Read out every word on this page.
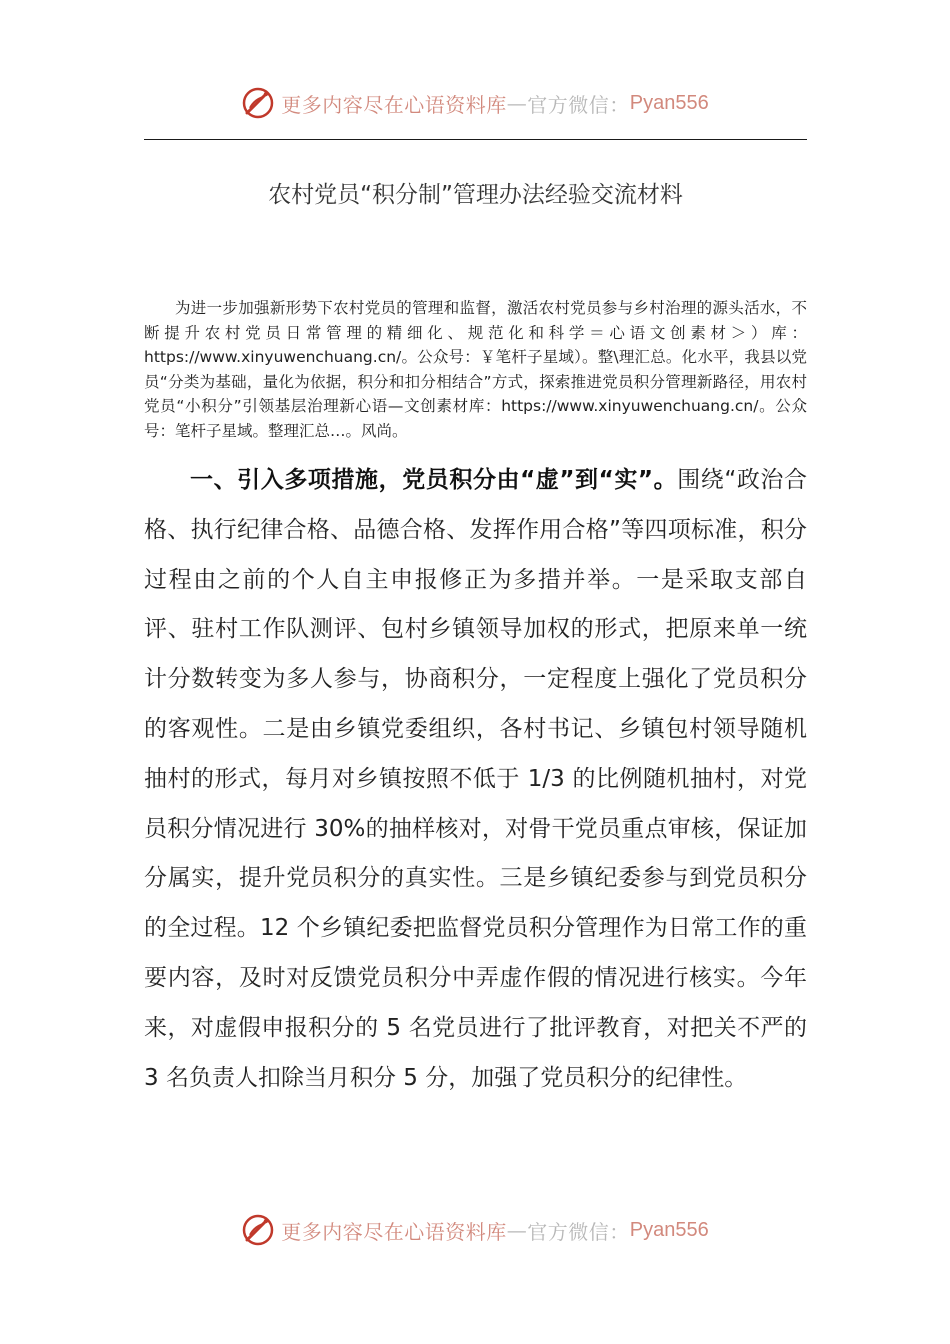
更多内容尽在心语资料库 — 官方微信： Pyan556
农村党员“积分制”管理办法经验交流材料

为进一步加强新形势下农村党员的管理和监督，激活农村党员参与乡村治理的源头活水，不断提升农村党员日常管理的精细化、规范化和科学＝心语文创素材＞）库：https://www.xinyuwenchuang.cn/。公众号：￥笔杆子星域）。整\理汇总。化水平，我县以党员“分类为基础，量化为依据，积分和扣分相结合”方式，探索推进党员积分管理新路径，用农村党员“小积分”引领基层治理新心语—文创素材库：https://www.xinyuwenchuang.cn/。公众号：笔杆子星域。整理汇总…。风尚。

一、引入多项措施，党员积分由“虚”到“实”。围绕“政治合格、执行纪律合格、品德合格、发挥作用合格”等四项标准，积分过程由之前的个人自主申报修正为多措并举。一是采取支部自评、驻村工作队测评、包村乡镇领导加权的形式，把原来单一统计分数转变为多人参与，协商积分，一定程度上强化了党员积分的客观性。二是由乡镇党委组织，各村书记、乡镇包村领导随机抽村的形式，每月对乡镇按照不低于 1/3 的比例随机抽村，对党员积分情况进行 30%的抽样核对，对骨干党员重点审核，保证加分属实，提升党员积分的真实性。三是乡镇纪委参与到党员积分的全过程。12 个乡镇纪委把监督党员积分管理作为日常工作的重要内容，及时对反馈党员积分中弄虚作假的情况进行核实。今年来，对虚假申报积分的 5 名党员进行了批评教育，对把关不严的 3 名负责人扣除当月积分 5 分，加强了党员积分的纪律性。

更多内容尽在心语资料库 — 官方微信： Pyan556
